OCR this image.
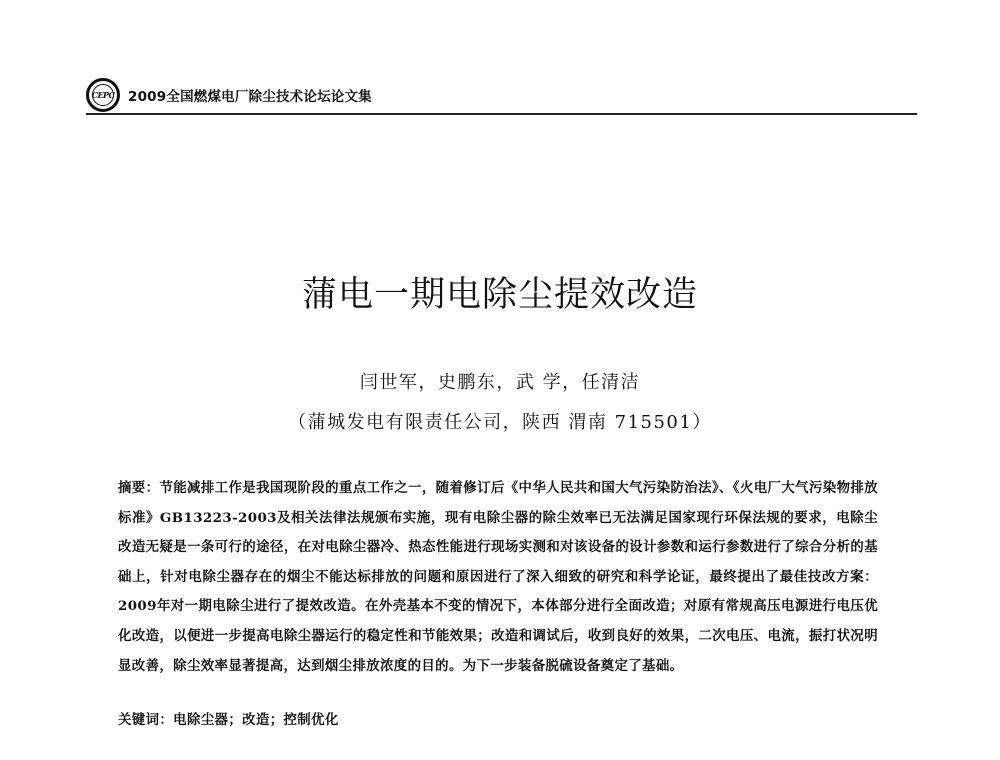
CEPC 2009全国燃煤电厂除尘技术论坛论文集
蒲电一期电除尘提效改造
闫世军，史鹏东，武 学，任清洁
（蒲城发电有限责任公司，陕西 渭南 715501）
摘要：节能减排工作是我国现阶段的重点工作之一，随着修订后《中华人民共和国大气污染防治法》、《火电厂大气污染物排放标准》GB13223-2003及相关法律法规颁布实施，现有电除尘器的除尘效率已无法满足国家现行环保法规的要求，电除尘改造无疑是一条可行的途径，在对电除尘器冷、热态性能进行现场实测和对该设备的设计参数和运行参数进行了综合分析的基础上，针对电除尘器存在的烟尘不能达标排放的问题和原因进行了深入细致的研究和科学论证，最终提出了最佳技改方案：2009年对一期电除尘进行了提效改造。在外壳基本不变的情况下，本体部分进行全面改造；对原有常规高压电源进行电压优化改造，以便进一步提高电除尘器运行的稳定性和节能效果；改造和调试后，收到良好的效果，二次电压、电流，振打状况明显改善，除尘效率显著提高，达到烟尘排放浓度的目的。为下一步装备脱硫设备奠定了基础。
关键词：电除尘器；改造；控制优化
